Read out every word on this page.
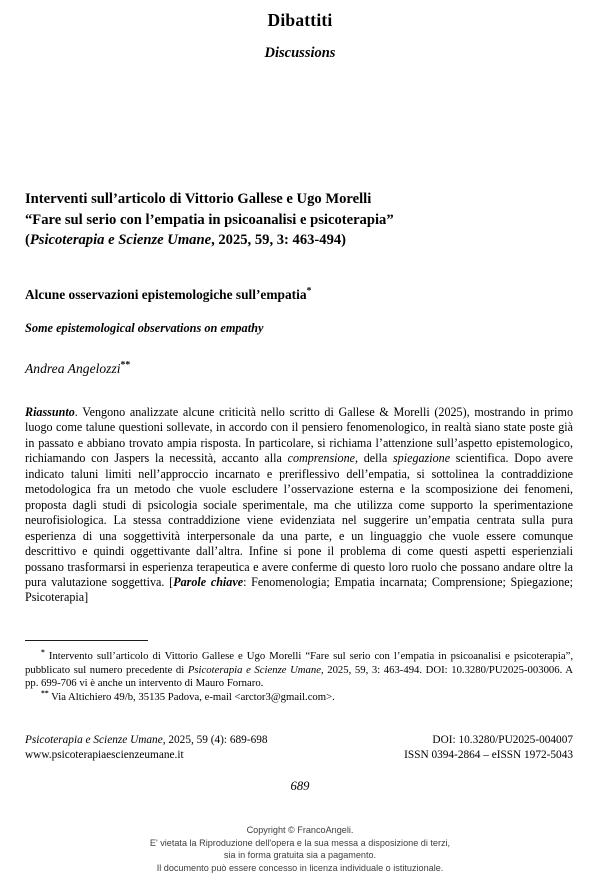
Dibattiti
Discussions
Interventi sull’articolo di Vittorio Gallese e Ugo Morelli
“Fare sul serio con l’empatia in psicoanalisi e psicoterapia”
(Psicoterapia e Scienze Umane, 2025, 59, 3: 463-494)
Alcune osservazioni epistemologiche sull’empatia*
Some epistemological observations on empathy
Andrea Angelozzi**
Riassunto. Vengono analizzate alcune criticità nello scritto di Gallese & Morelli (2025), mostrando in primo luogo come talune questioni sollevate, in accordo con il pensiero fenomenologico, in realtà siano state poste già in passato e abbiano trovato ampia risposta. In particolare, si richiama l’attenzione sull’aspetto epistemologico, richiamando con Jaspers la necessità, accanto alla comprensione, della spiegazione scientifica. Dopo avere indicato taluni limiti nell’approccio incarnato e preriflessivo dell’empatia, si sottolinea la contraddizione metodologica fra un metodo che vuole escludere l’osservazione esterna e la scomposizione dei fenomeni, proposta dagli studi di psicologia sociale sperimentale, ma che utilizza come supporto la sperimentazione neurofisiologica. La stessa contraddizione viene evidenziata nel suggerire un’empatia centrata sulla pura esperienza di una soggettività interpersonale da una parte, e un linguaggio che vuole essere comunque descrittivo e quindi oggettivante dall’altra. Infine si pone il problema di come questi aspetti esperienziali possano trasformarsi in esperienza terapeutica e avere conferme di questo loro ruolo che possano andare oltre la pura valutazione soggettiva. [Parole chiave: Fenomenologia; Empatia incarnata; Comprensione; Spiegazione; Psicoterapia]

* Intervento sull’articolo di Vittorio Gallese e Ugo Morelli “Fare sul serio con l’empatia in psicoanalisi e psicoterapia”, pubblicato sul numero precedente di Psicoterapia e Scienze Umane, 2025, 59, 3: 463-494. DOI: 10.3280/PU2025-003006. A pp. 699-706 vi è anche un intervento di Mauro Fornaro.

** Via Altichiero 49/b, 35135 Padova, e-mail <arctor3@gmail.com>.

Psicoterapia e Scienze Umane, 2025, 59 (4): 689-698	DOI: 10.3280/PU2025-004007
www.psicoterapiaescienzeumane.it	ISSN 0394-2864 – eISSN 1972-5043
689
Copyright © FrancoAngeli.
E' vietata la Riproduzione dell'opera e la sua messa a disposizione di terzi,
sia in forma gratuita sia a pagamento.
Il documento può essere concesso in licenza individuale o istituzionale.
